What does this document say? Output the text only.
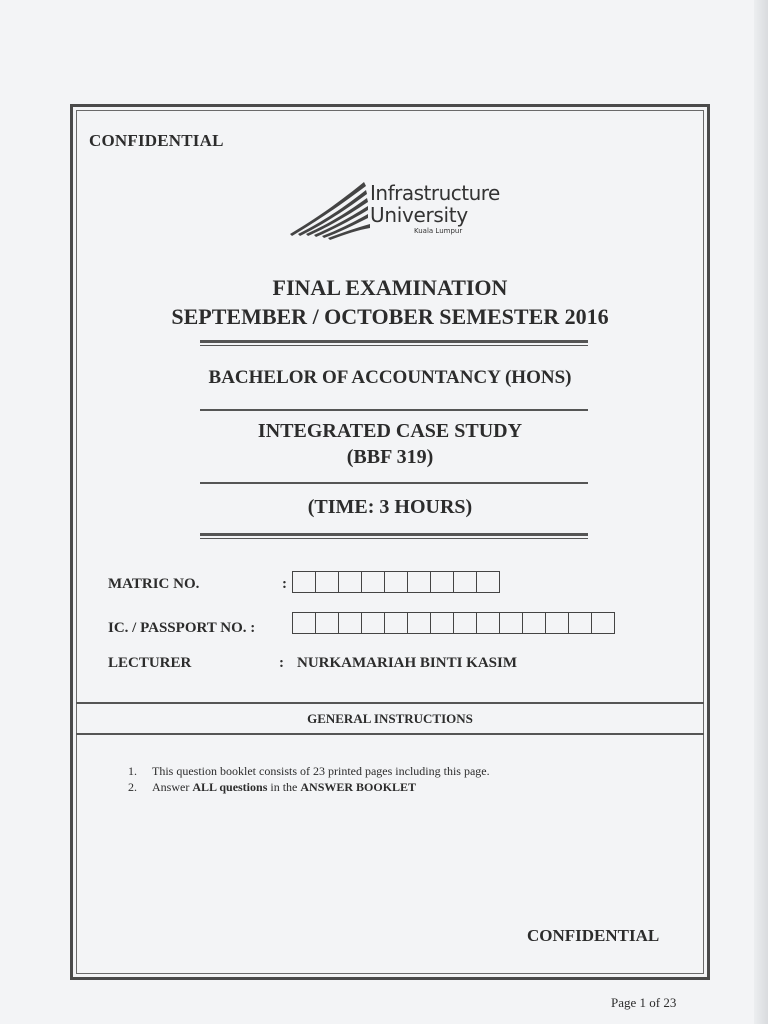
CONFIDENTIAL
Infrastructure
University
Kuala Lumpur
FINAL EXAMINATION
SEPTEMBER / OCTOBER SEMESTER 2016
BACHELOR OF ACCOUNTANCY (HONS)
INTEGRATED CASE STUDY
(BBF 319)
(TIME: 3 HOURS)
MATRIC NO.	:
IC. / PASSPORT NO. :
LECTURER	: NURKAMARIAH BINTI KASIM
GENERAL INSTRUCTIONS
1. This question booklet consists of 23 printed pages including this page.
2. Answer ALL questions in the ANSWER BOOKLET
CONFIDENTIAL
Page 1 of 23
